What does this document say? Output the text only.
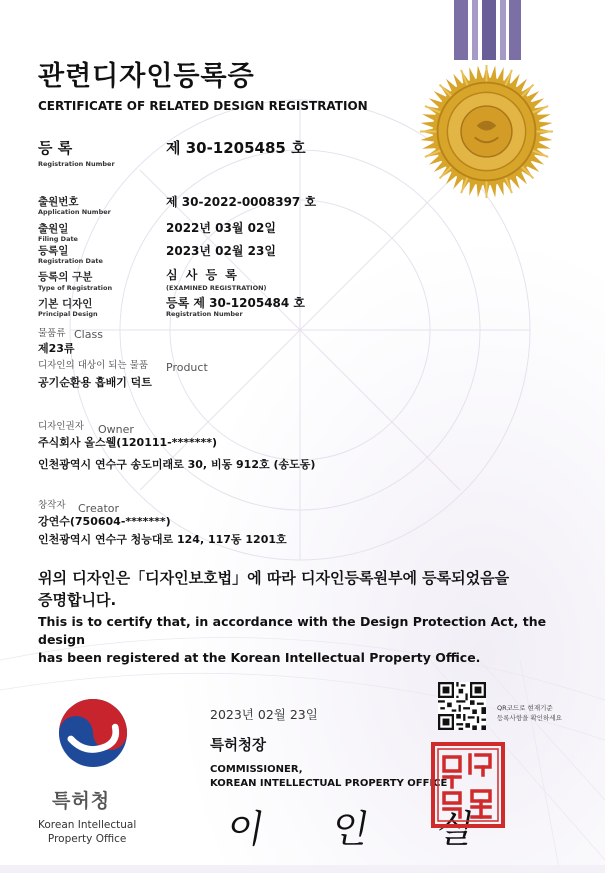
관련디자인등록증
CERTIFICATE OF RELATED DESIGN REGISTRATION
등 록
Registration Number
제 30-1205485 호
출원번호
Application Number
제 30-2022-0008397 호
출원일
Filing Date
2022년 03월 02일
등록일
Registration Date
2023년 02월 23일
등록의 구분
Type of Registration
심 사 등 록
(EXAMINED REGISTRATION)
기본 디자인
Principal Design
등록 제 30-1205484 호
Registration Number
물품류 Class
제23류
디자인의 대상이 되는 물품 Product
공기순환용 흡배기 덕트
디자인권자 Owner
주식회사 올스웰(120111-*******)
인천광역시 연수구 송도미래로 30, 비동 912호 (송도동)
창작자 Creator
강연수(750604-*******)
인천광역시 연수구 청능대로 124, 117동 1201호
위의 디자인은「디자인보호법」에 따라 디자인등록원부에 등록되었음을
증명합니다.
This is to certify that, in accordance with the Design Protection Act, the design
has been registered at the Korean Intellectual Property Office.
특허청
Korean Intellectual
Property Office
2023년 02월 23일
특허청장
COMMISSIONER,
KOREAN INTELLECTUAL PROPERTY OFFICE
이 인 실
QR코드로 현재기준
등록사항을 확인하세요
